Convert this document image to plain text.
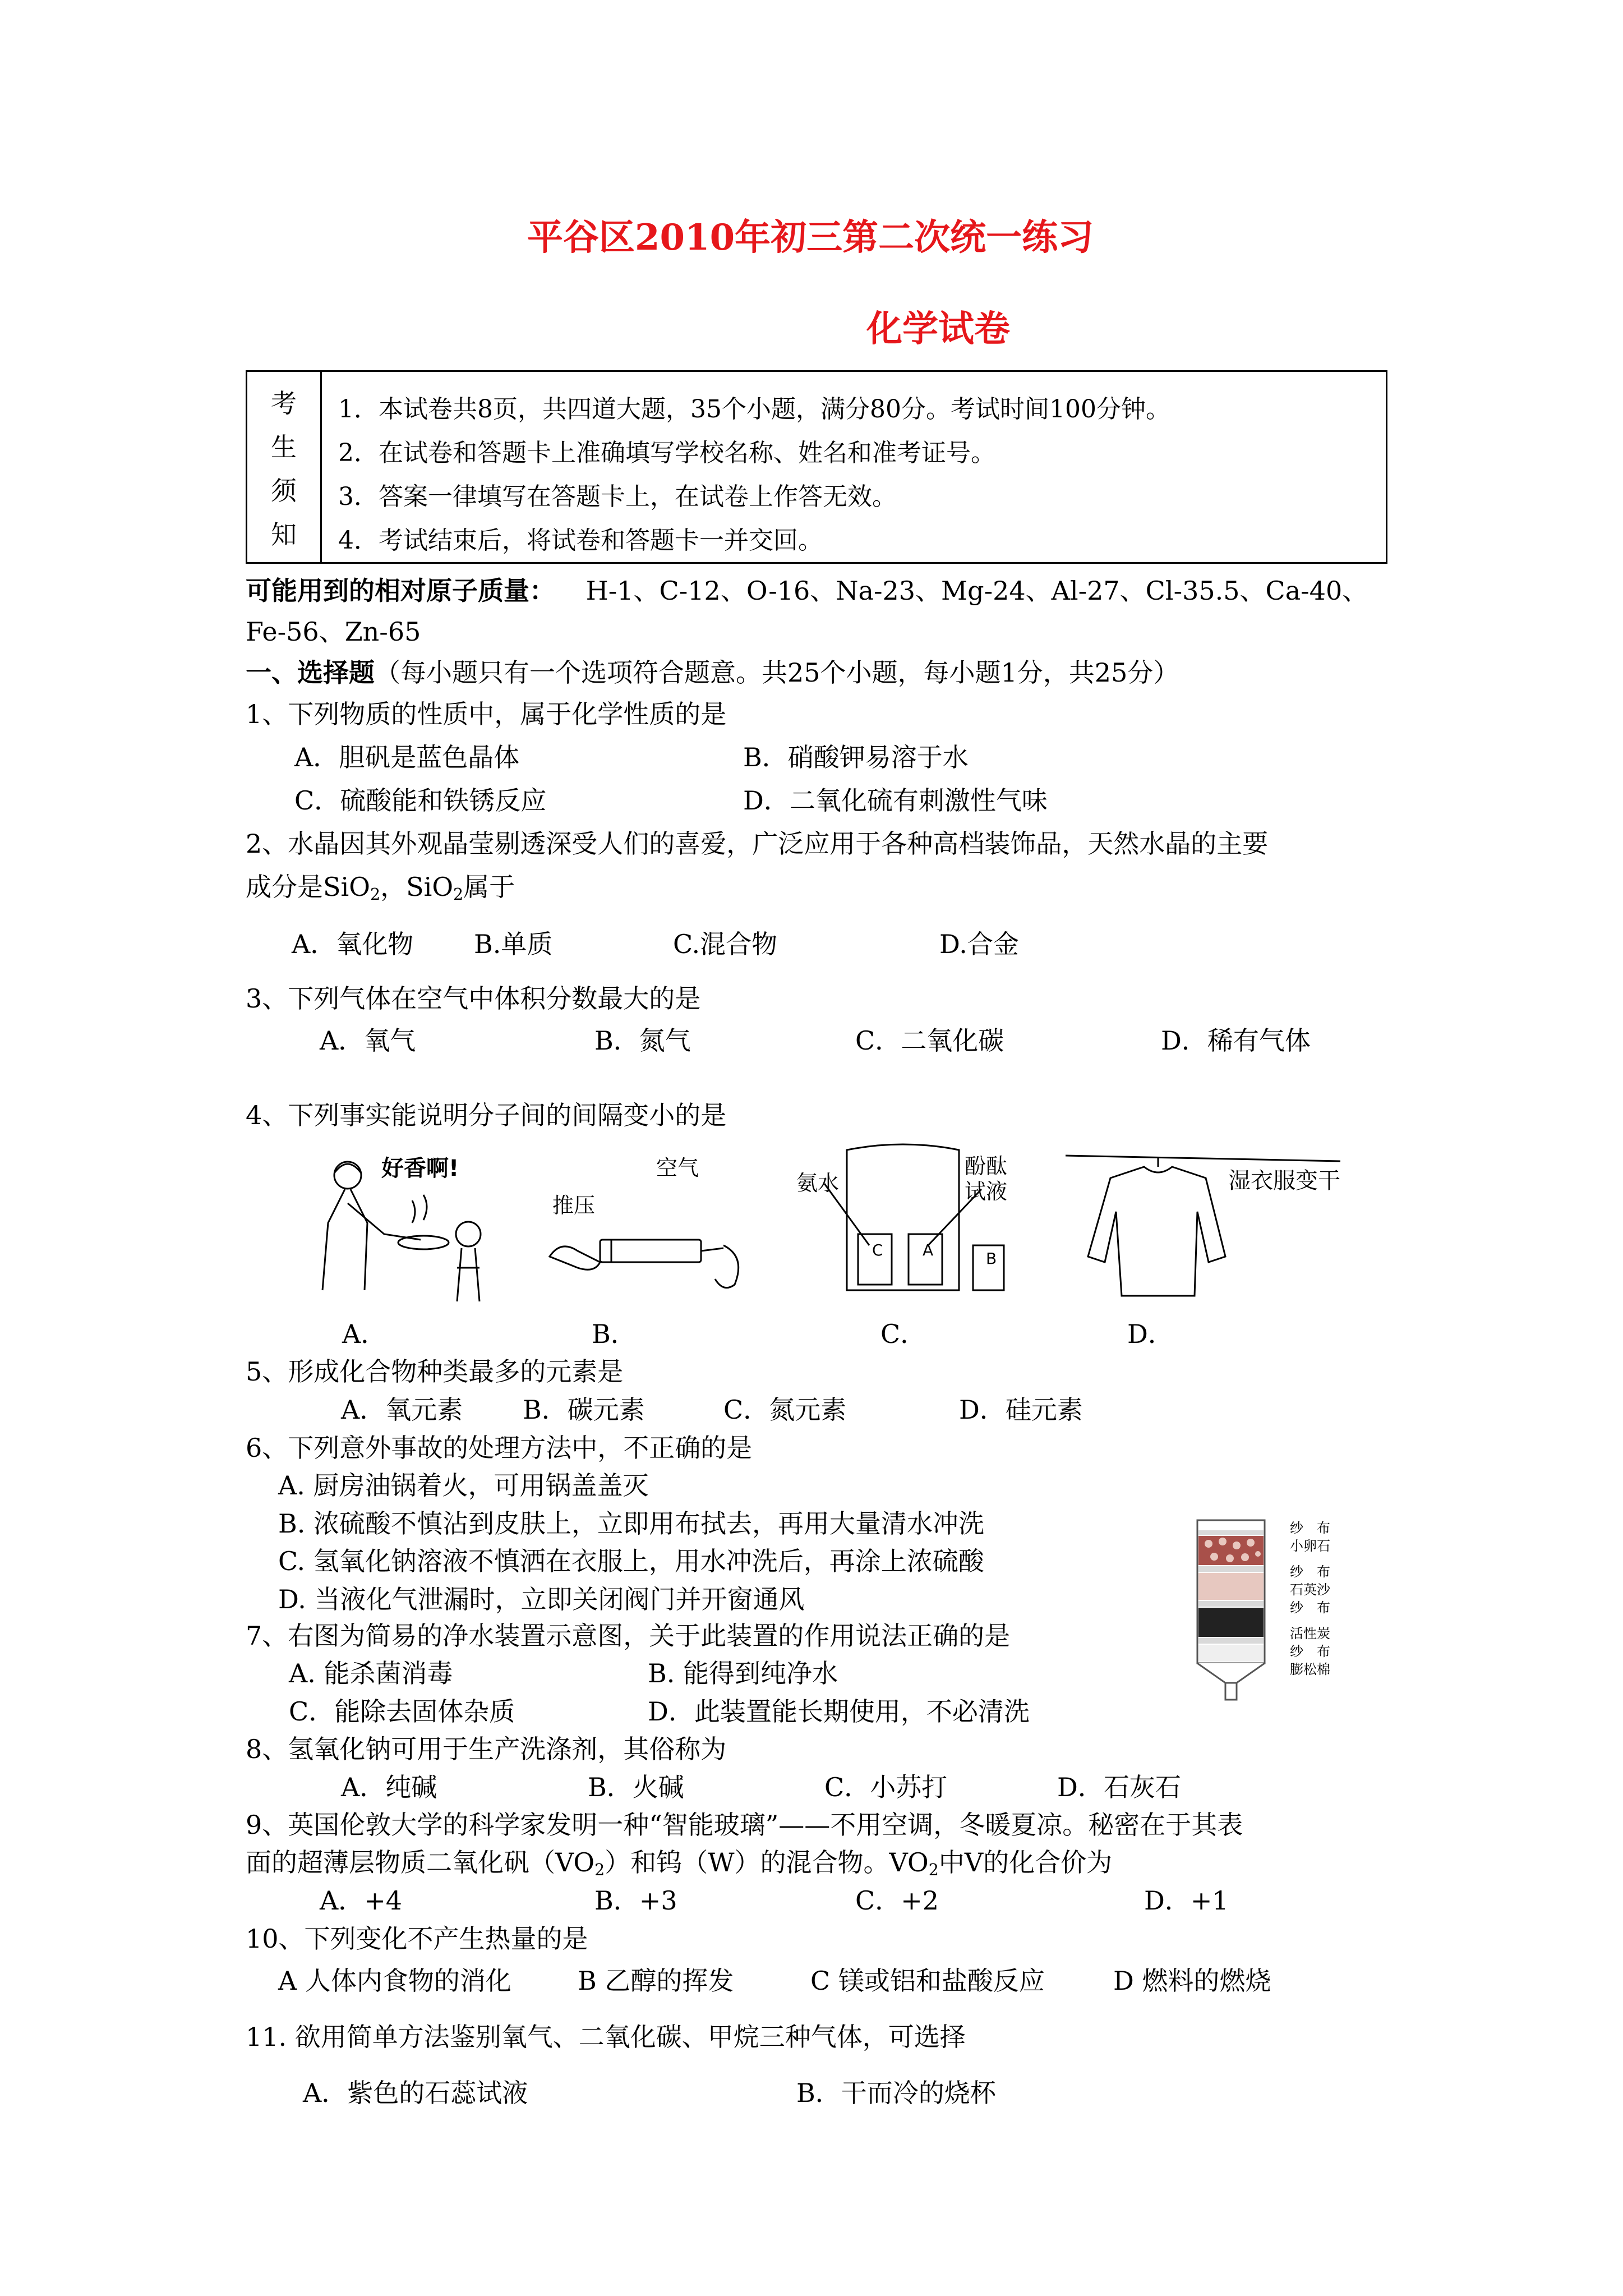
平谷区2010年初三第二次统一练习
化学试卷
考
生
须
知
1．本试卷共8页，共四道大题，35个小题，满分80分。考试时间100分钟。
2．在试卷和答题卡上准确填写学校名称、姓名和准考证号。
3．答案一律填写在答题卡上，在试卷上作答无效。
4．考试结束后，将试卷和答题卡一并交回。
可能用到的相对原子质量： H-1、C-12、O-16、Na-23、Mg-24、Al-27、Cl-35.5、Ca-40、
Fe-56、Zn-65
一、选择题（每小题只有一个选项符合题意。共25个小题，每小题1分，共25分）
1、下列物质的性质中，属于化学性质的是
A．胆矾是蓝色晶体	B．硝酸钾易溶于水
C．硫酸能和铁锈反应	D．二氧化硫有刺激性气味
2、水晶因其外观晶莹剔透深受人们的喜爱，广泛应用于各种高档装饰品，天然水晶的主要
成分是SiO$_2$，SiO$_2$属于
A．氧化物 B.单质	C.混合物	D.合金
3、下列气体在空气中体积分数最大的是
A．氧气	B．氮气	C．二氧化碳	D．稀有气体
4、下列事实能说明分子间的间隔变小的是
好香啊!
推压
空气
氨水
酚酞
试液
C	A	B
湿衣服变干
A．	B．	C．	D．
5、形成化合物种类最多的元素是
A．氧元素 B．碳元素	C．氮元素	D．硅元素
6、下列意外事故的处理方法中，不正确的是
A. 厨房油锅着火，可用锅盖盖灭
B. 浓硫酸不慎沾到皮肤上，立即用布拭去，再用大量清水冲洗
C. 氢氧化钠溶液不慎洒在衣服上，用水冲洗后，再涂上浓硫酸
D. 当液化气泄漏时，立即关闭阀门并开窗通风
纱　布
小卵石
纱　布
石英沙
纱　布
活性炭
纱　布
膨松棉
7、右图为简易的净水装置示意图，关于此装置的作用说法正确的是
A. 能杀菌消毒	B. 能得到纯净水
C．能除去固体杂质	D．此装置能长期使用，不必清洗
8、氢氧化钠可用于生产洗涤剂，其俗称为
A．纯碱	B．火碱	C．小苏打	D．石灰石
9、英国伦敦大学的科学家发明一种“智能玻璃”——不用空调，冬暖夏凉。秘密在于其表
面的超薄层物质二氧化矾$(VO_2)$和钨（W）的混合物。$VO_2$中V的化合价为
A．+4	B．+3	C．+2	D．+1
10、下列变化不产生热量的是
A 人体内食物的消化	B 乙醇的挥发	C 镁或铝和盐酸反应	D 燃料的燃烧
11. 欲用简单方法鉴别氧气、二氧化碳、甲烷三种气体，可选择
A．紫色的石蕊试液	B．干而冷的烧杯
